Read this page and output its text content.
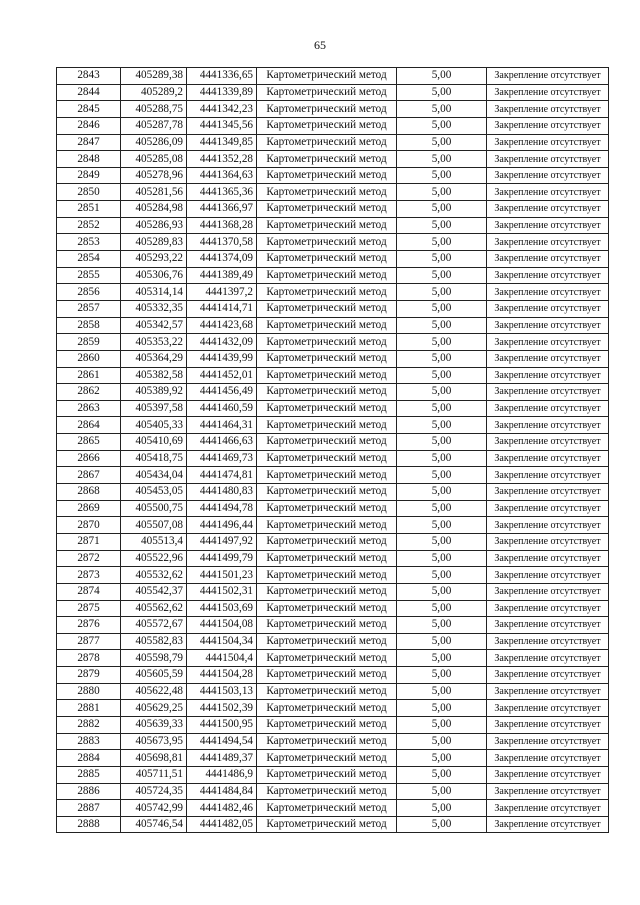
65
2843	405289,38	4441336,65	Картометрический метод	5,00	Закрепление отсутствует
2844	405289,2	4441339,89	Картометрический метод	5,00	Закрепление отсутствует
2845	405288,75	4441342,23	Картометрический метод	5,00	Закрепление отсутствует
2846	405287,78	4441345,56	Картометрический метод	5,00	Закрепление отсутствует
2847	405286,09	4441349,85	Картометрический метод	5,00	Закрепление отсутствует
2848	405285,08	4441352,28	Картометрический метод	5,00	Закрепление отсутствует
2849	405278,96	4441364,63	Картометрический метод	5,00	Закрепление отсутствует
2850	405281,56	4441365,36	Картометрический метод	5,00	Закрепление отсутствует
2851	405284,98	4441366,97	Картометрический метод	5,00	Закрепление отсутствует
2852	405286,93	4441368,28	Картометрический метод	5,00	Закрепление отсутствует
2853	405289,83	4441370,58	Картометрический метод	5,00	Закрепление отсутствует
2854	405293,22	4441374,09	Картометрический метод	5,00	Закрепление отсутствует
2855	405306,76	4441389,49	Картометрический метод	5,00	Закрепление отсутствует
2856	405314,14	4441397,2	Картометрический метод	5,00	Закрепление отсутствует
2857	405332,35	4441414,71	Картометрический метод	5,00	Закрепление отсутствует
2858	405342,57	4441423,68	Картометрический метод	5,00	Закрепление отсутствует
2859	405353,22	4441432,09	Картометрический метод	5,00	Закрепление отсутствует
2860	405364,29	4441439,99	Картометрический метод	5,00	Закрепление отсутствует
2861	405382,58	4441452,01	Картометрический метод	5,00	Закрепление отсутствует
2862	405389,92	4441456,49	Картометрический метод	5,00	Закрепление отсутствует
2863	405397,58	4441460,59	Картометрический метод	5,00	Закрепление отсутствует
2864	405405,33	4441464,31	Картометрический метод	5,00	Закрепление отсутствует
2865	405410,69	4441466,63	Картометрический метод	5,00	Закрепление отсутствует
2866	405418,75	4441469,73	Картометрический метод	5,00	Закрепление отсутствует
2867	405434,04	4441474,81	Картометрический метод	5,00	Закрепление отсутствует
2868	405453,05	4441480,83	Картометрический метод	5,00	Закрепление отсутствует
2869	405500,75	4441494,78	Картометрический метод	5,00	Закрепление отсутствует
2870	405507,08	4441496,44	Картометрический метод	5,00	Закрепление отсутствует
2871	405513,4	4441497,92	Картометрический метод	5,00	Закрепление отсутствует
2872	405522,96	4441499,79	Картометрический метод	5,00	Закрепление отсутствует
2873	405532,62	4441501,23	Картометрический метод	5,00	Закрепление отсутствует
2874	405542,37	4441502,31	Картометрический метод	5,00	Закрепление отсутствует
2875	405562,62	4441503,69	Картометрический метод	5,00	Закрепление отсутствует
2876	405572,67	4441504,08	Картометрический метод	5,00	Закрепление отсутствует
2877	405582,83	4441504,34	Картометрический метод	5,00	Закрепление отсутствует
2878	405598,79	4441504,4	Картометрический метод	5,00	Закрепление отсутствует
2879	405605,59	4441504,28	Картометрический метод	5,00	Закрепление отсутствует
2880	405622,48	4441503,13	Картометрический метод	5,00	Закрепление отсутствует
2881	405629,25	4441502,39	Картометрический метод	5,00	Закрепление отсутствует
2882	405639,33	4441500,95	Картометрический метод	5,00	Закрепление отсутствует
2883	405673,95	4441494,54	Картометрический метод	5,00	Закрепление отсутствует
2884	405698,81	4441489,37	Картометрический метод	5,00	Закрепление отсутствует
2885	405711,51	4441486,9	Картометрический метод	5,00	Закрепление отсутствует
2886	405724,35	4441484,84	Картометрический метод	5,00	Закрепление отсутствует
2887	405742,99	4441482,46	Картометрический метод	5,00	Закрепление отсутствует
2888	405746,54	4441482,05	Картометрический метод	5,00	Закрепление отсутствует
